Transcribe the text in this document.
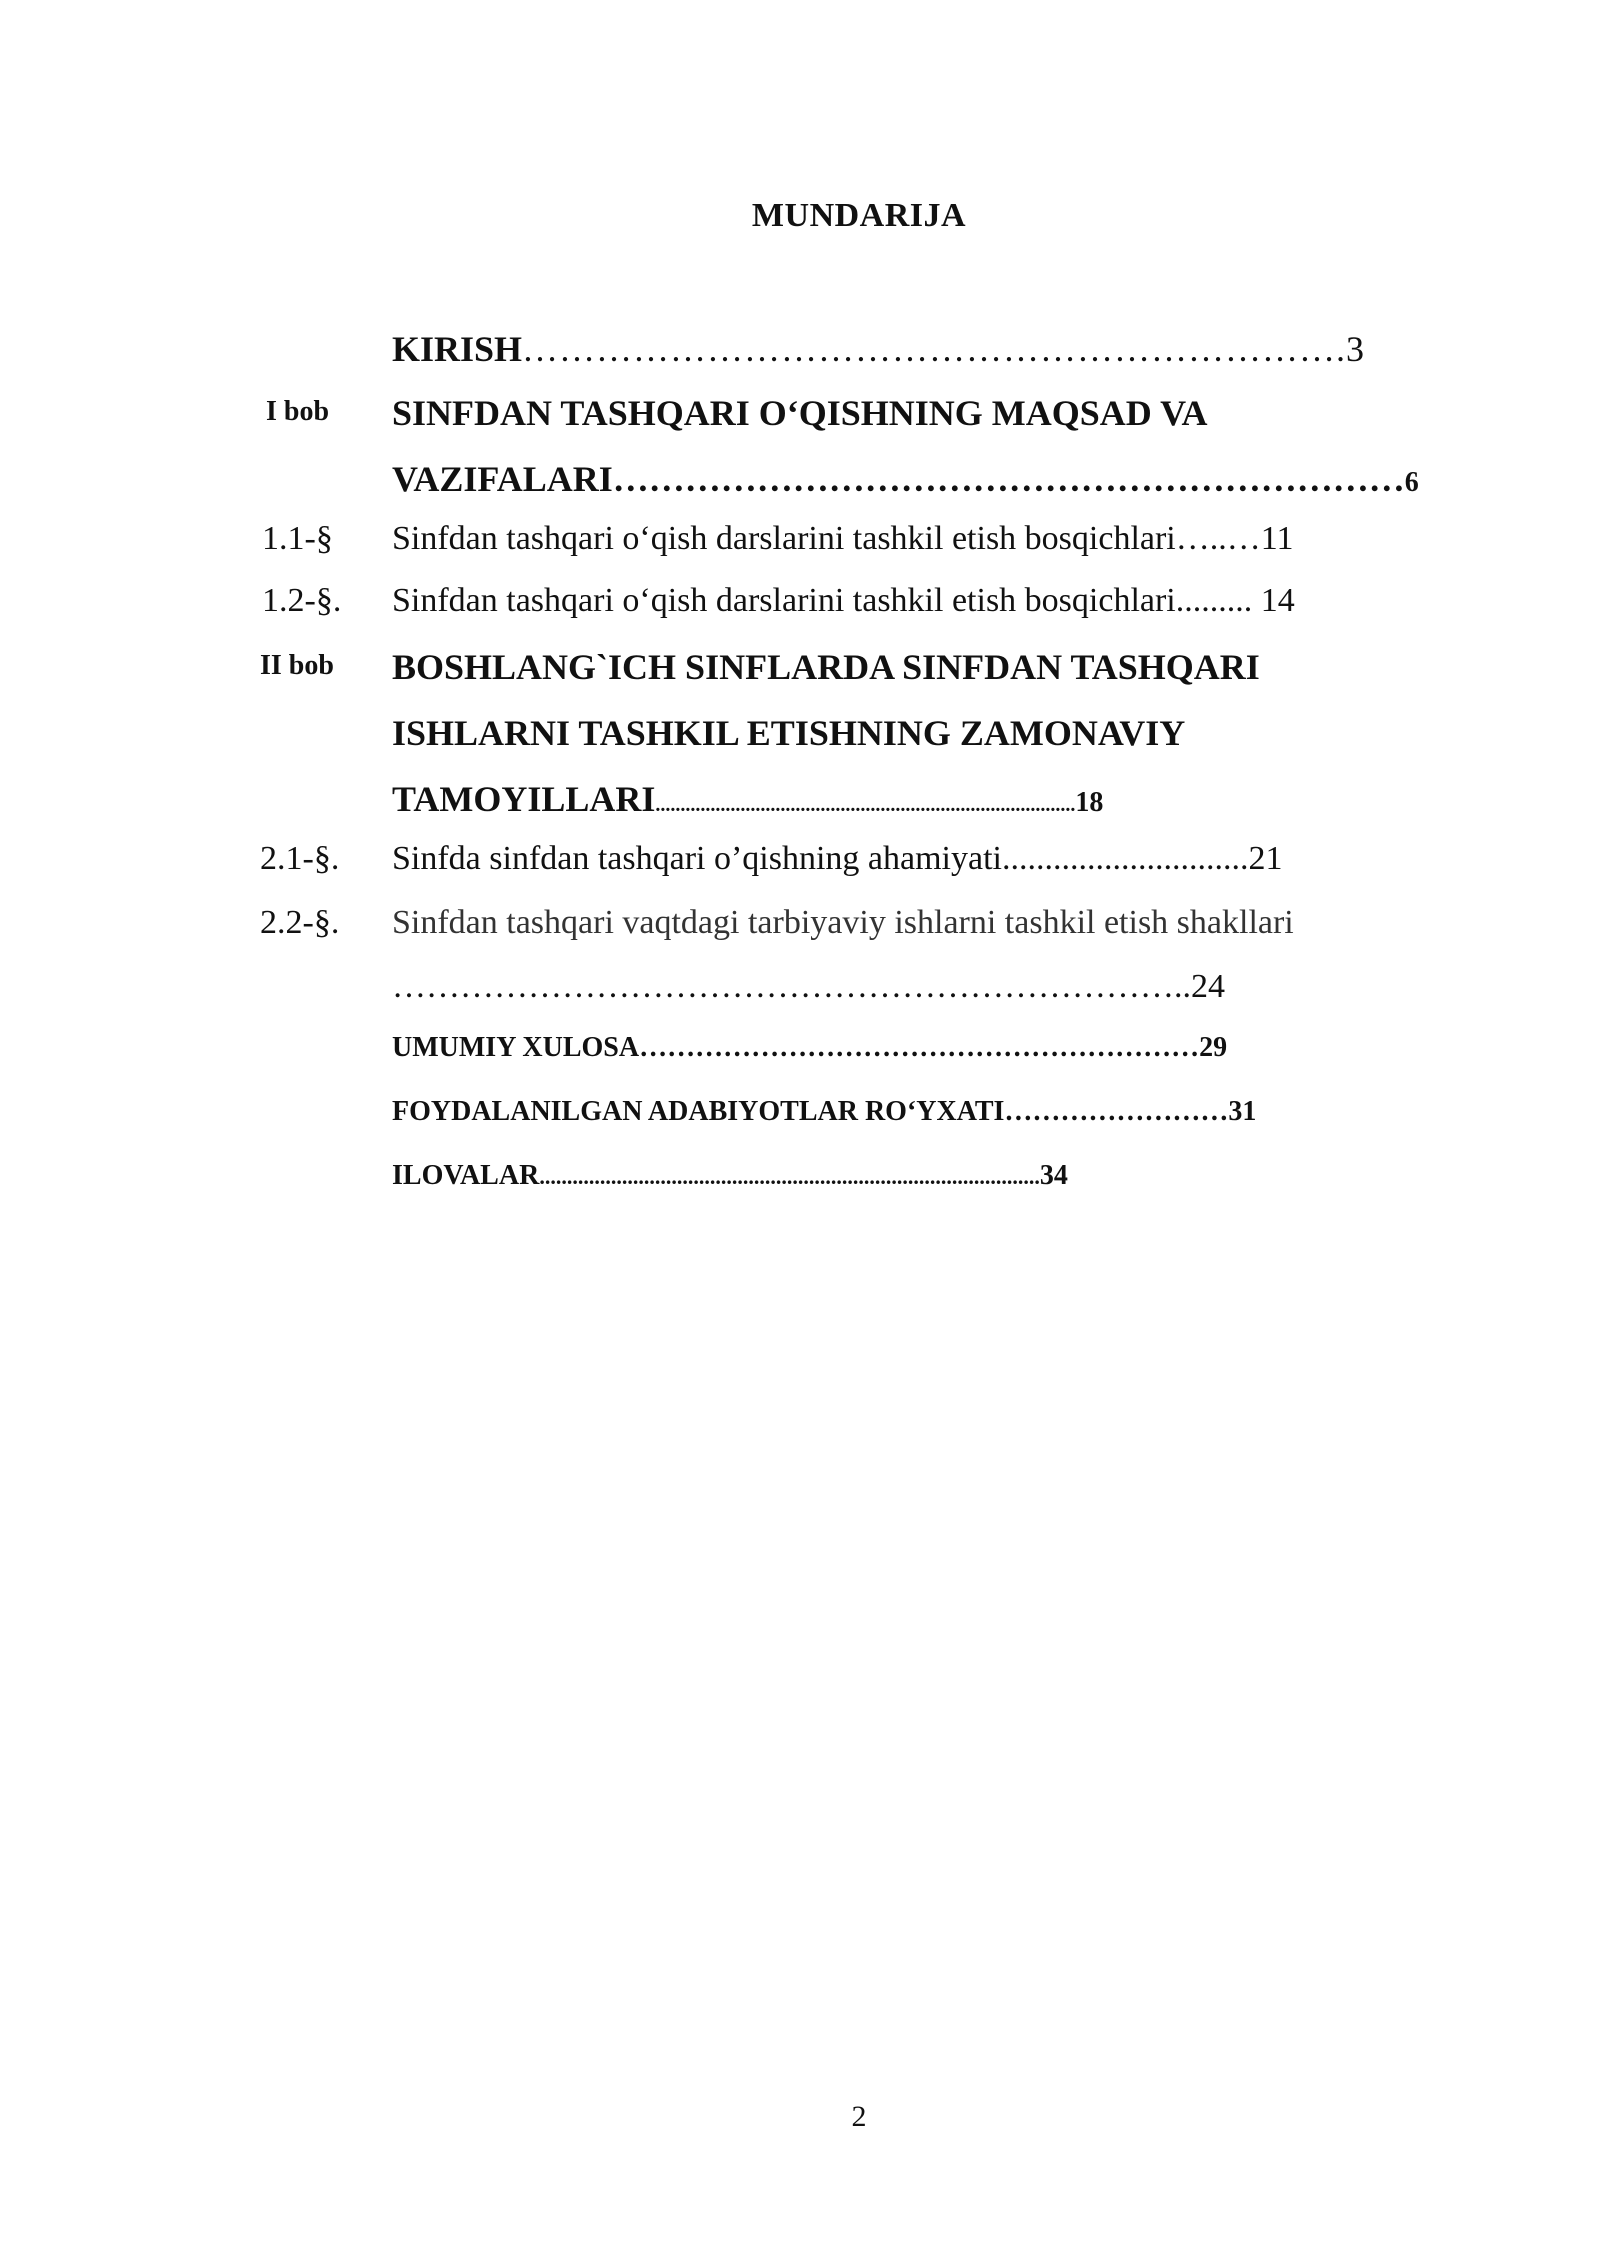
MUNDARIJA
KIRISH………………………………………………………….3
I bob SINFDAN TASHQARI O‘QISHNING MAQSAD VA
VAZIFALARI…………………………………………………………6
1.1-§ Sinfdan tashqari o‘qish darslarini tashkil etish bosqichlari…..…11
1.2-§. Sinfdan tashqari o‘qish darslarini tashkil etish bosqichlari......... 14
II bob BOSHLANG`ICH SINFLARDA SINFDAN TASHQARI
ISHLARNI TASHKIL ETISHNING ZAMONAVIY
TAMOYILLARI....................................................................................18
2.1-§. Sinfda sinfdan tashqari o’qishning ahamiyati.............................21
2.2-§. Sinfdan tashqari vaqtdagi tarbiyaviy ishlarni tashkil etish shakllari
……………………………………………………………..24
UMUMIY XULOSA……………………………………………………29
FOYDALANILGAN ADABIYOTLAR RO‘YXATI……………………31
ILOVALAR...........................................................................................34
2
